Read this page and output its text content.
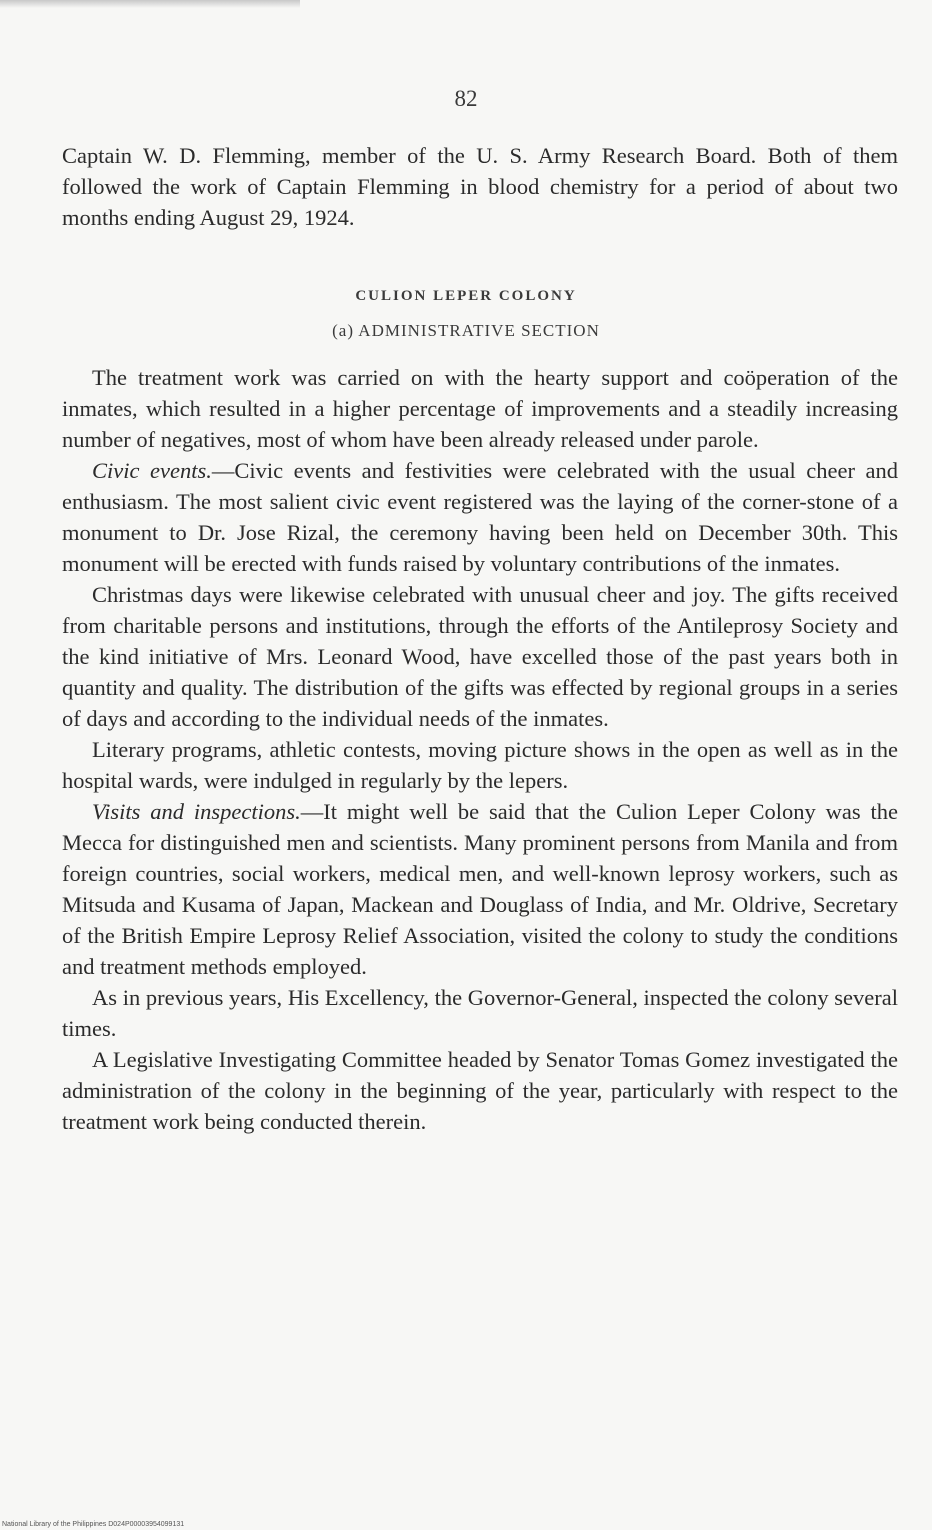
82

Captain W. D. Flemming, member of the U. S. Army Research Board. Both of them followed the work of Captain Flemming in blood chemistry for a period of about two months ending August 29, 1924.

CULION LEPER COLONY
(a) ADMINISTRATIVE SECTION

The treatment work was carried on with the hearty support and coöperation of the inmates, which resulted in a higher percentage of improvements and a steadily increasing number of negatives, most of whom have been already released under parole.

Civic events.—Civic events and festivities were celebrated with the usual cheer and enthusiasm. The most salient civic event registered was the laying of the corner-stone of a monument to Dr. Jose Rizal, the ceremony having been held on December 30th. This monument will be erected with funds raised by voluntary contributions of the inmates.

Christmas days were likewise celebrated with unusual cheer and joy. The gifts received from charitable persons and institutions, through the efforts of the Antileprosy Society and the kind initiative of Mrs. Leonard Wood, have excelled those of the past years both in quantity and quality. The distribution of the gifts was effected by regional groups in a series of days and according to the individual needs of the inmates.

Literary programs, athletic contests, moving picture shows in the open as well as in the hospital wards, were indulged in regularly by the lepers.

Visits and inspections.—It might well be said that the Culion Leper Colony was the Mecca for distinguished men and scientists. Many prominent persons from Manila and from foreign countries, social workers, medical men, and well-known leprosy workers, such as Mitsuda and Kusama of Japan, Mackean and Douglass of India, and Mr. Oldrive, Secretary of the British Empire Leprosy Relief Association, visited the colony to study the conditions and treatment methods employed.

As in previous years, His Excellency, the Governor-General, inspected the colony several times.

A Legislative Investigating Committee headed by Senator Tomas Gomez investigated the administration of the colony in the beginning of the year, particularly with respect to the treatment work being conducted therein.

National Library of the Philippines D024P00003954099131
